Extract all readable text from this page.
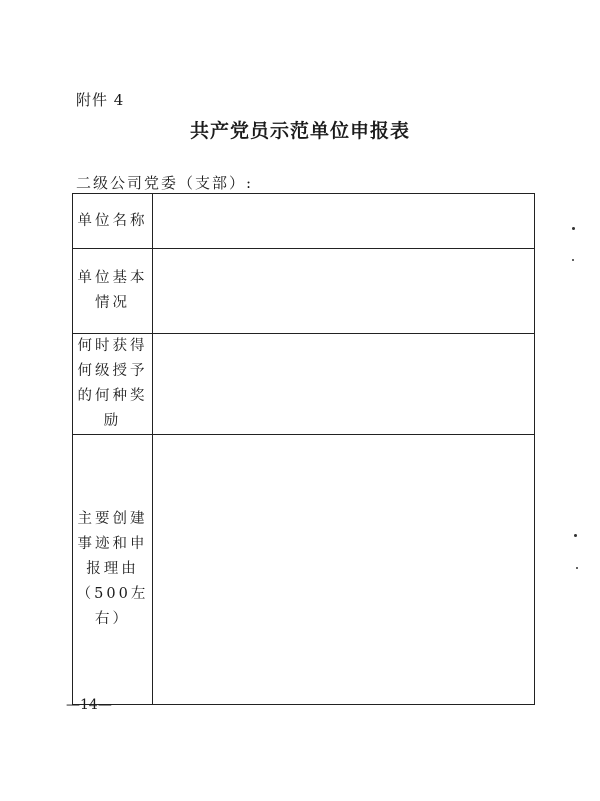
附件 4
共产党员示范单位申报表
二级公司党委（支部）:
单位名称	

单位基本
情况	

何时获得
何级授予
的何种奖
励	

主要创建
事迹和申
报理由
（500左
右）	

—14—
